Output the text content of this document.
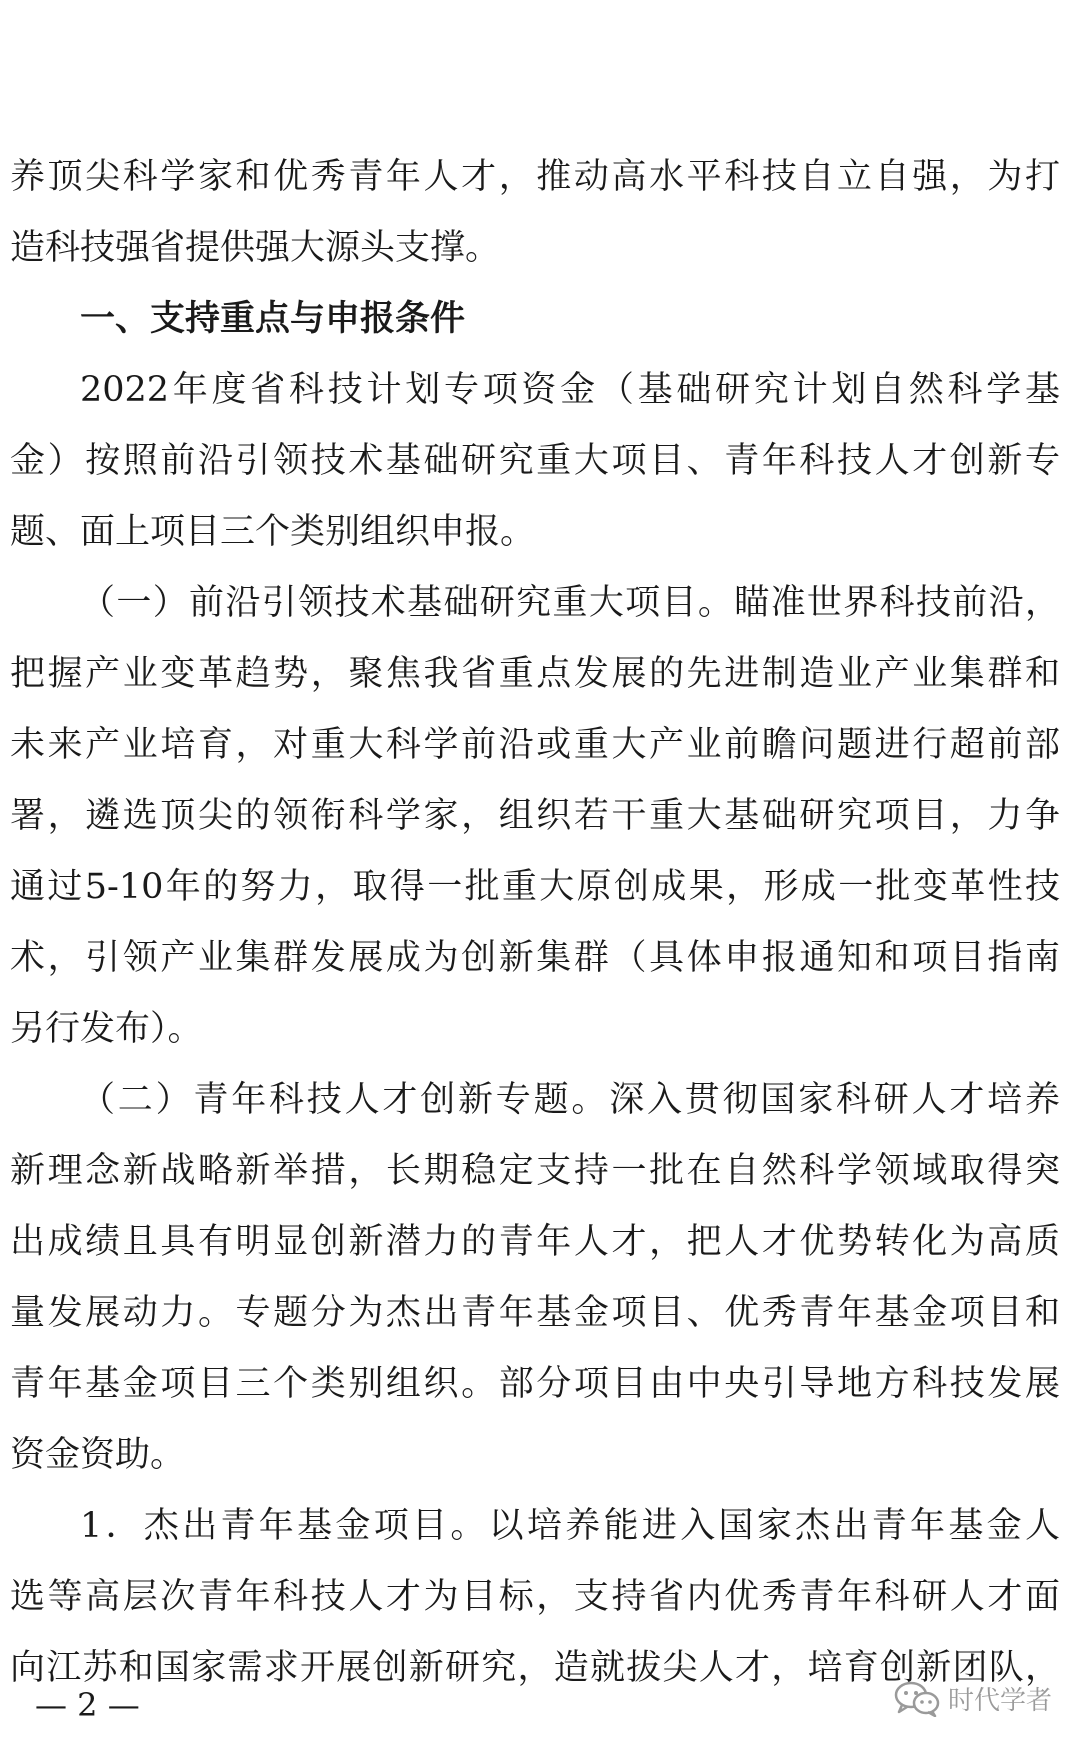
养顶尖科学家和优秀青年人才，推动高水平科技自立自强，为打
造科技强省提供强大源头支撑。
一、支持重点与申报条件
2022年度省科技计划专项资金（基础研究计划自然科学基
金）按照前沿引领技术基础研究重大项目、青年科技人才创新专
题、面上项目三个类别组织申报。
（一）前沿引领技术基础研究重大项目。瞄准世界科技前沿，
把握产业变革趋势，聚焦我省重点发展的先进制造业产业集群和
未来产业培育，对重大科学前沿或重大产业前瞻问题进行超前部
署，遴选顶尖的领衔科学家，组织若干重大基础研究项目，力争
通过5-10年的努力，取得一批重大原创成果，形成一批变革性技
术，引领产业集群发展成为创新集群（具体申报通知和项目指南
另行发布）。
（二）青年科技人才创新专题。深入贯彻国家科研人才培养
新理念新战略新举措，长期稳定支持一批在自然科学领域取得突
出成绩且具有明显创新潜力的青年人才，把人才优势转化为高质
量发展动力。专题分为杰出青年基金项目、优秀青年基金项目和
青年基金项目三个类别组织。部分项目由中央引导地方科技发展
资金资助。
1．杰出青年基金项目。以培养能进入国家杰出青年基金人
选等高层次青年科技人才为目标，支持省内优秀青年科研人才面
向江苏和国家需求开展创新研究，造就拔尖人才，培育创新团队，
— 2 —	时代学者
